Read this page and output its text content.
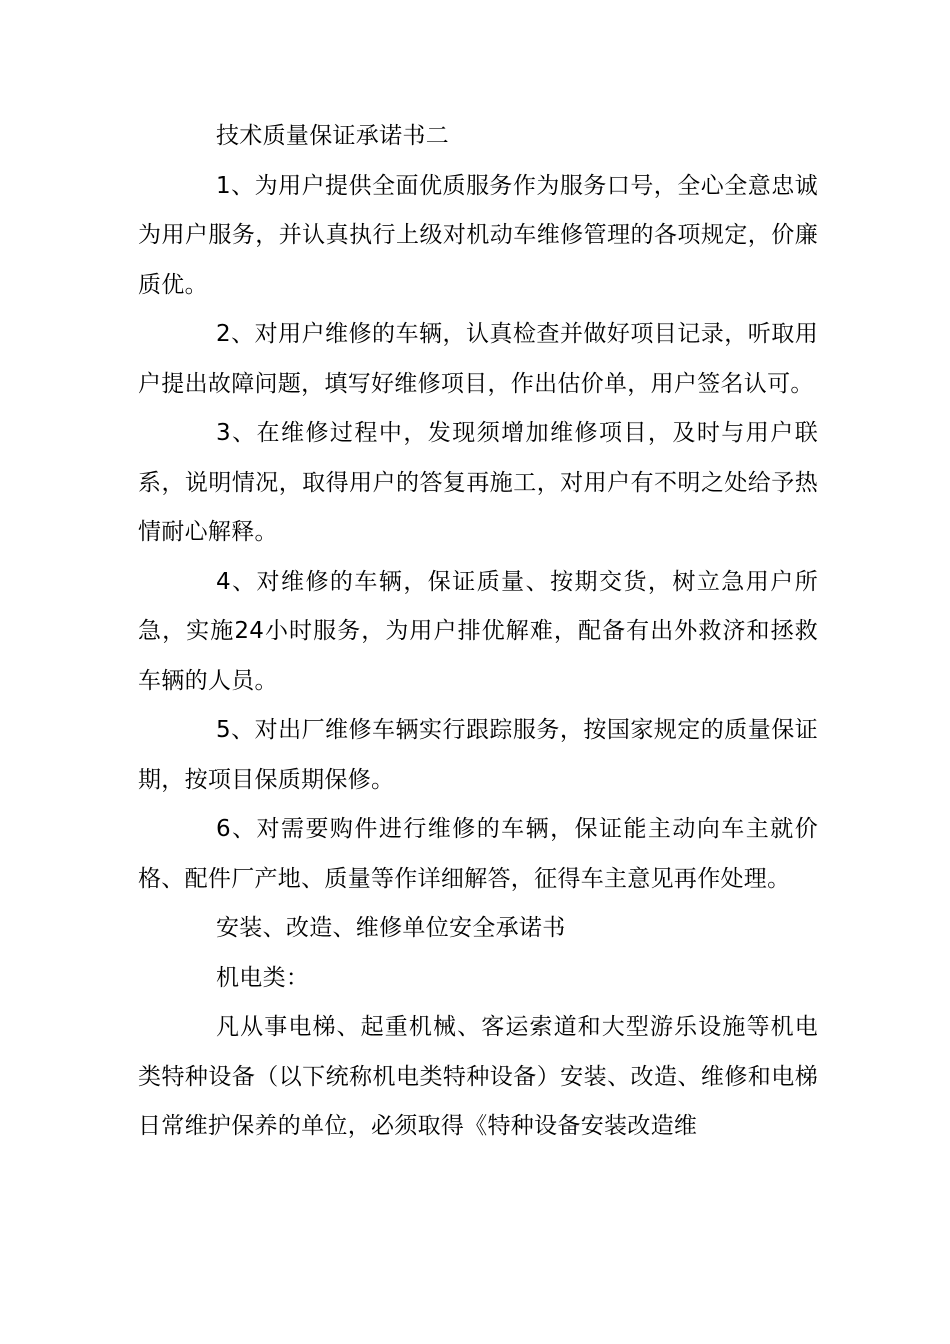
技术质量保证承诺书二

1、为用户提供全面优质服务作为服务口号，全心全意忠诚为用户服务，并认真执行上级对机动车维修管理的各项规定，价廉质优。

2、对用户维修的车辆，认真检查并做好项目记录，听取用户提出故障问题，填写好维修项目，作出估价单，用户签名认可。

3、在维修过程中，发现须增加维修项目，及时与用户联系，说明情况，取得用户的答复再施工，对用户有不明之处给予热情耐心解释。

4、对维修的车辆，保证质量、按期交货，树立急用户所急，实施24小时服务，为用户排优解难，配备有出外救济和拯救车辆的人员。

5、对出厂维修车辆实行跟踪服务，按国家规定的质量保证期，按项目保质期保修。

6、对需要购件进行维修的车辆，保证能主动向车主就价格、配件厂产地、质量等作详细解答，征得车主意见再作处理。

安装、改造、维修单位安全承诺书

机电类：

凡从事电梯、起重机械、客运索道和大型游乐设施等机电类特种设备（以下统称机电类特种设备）安装、改造、维修和电梯日常维护保养的单位，必须取得《特种设备安装改造维
